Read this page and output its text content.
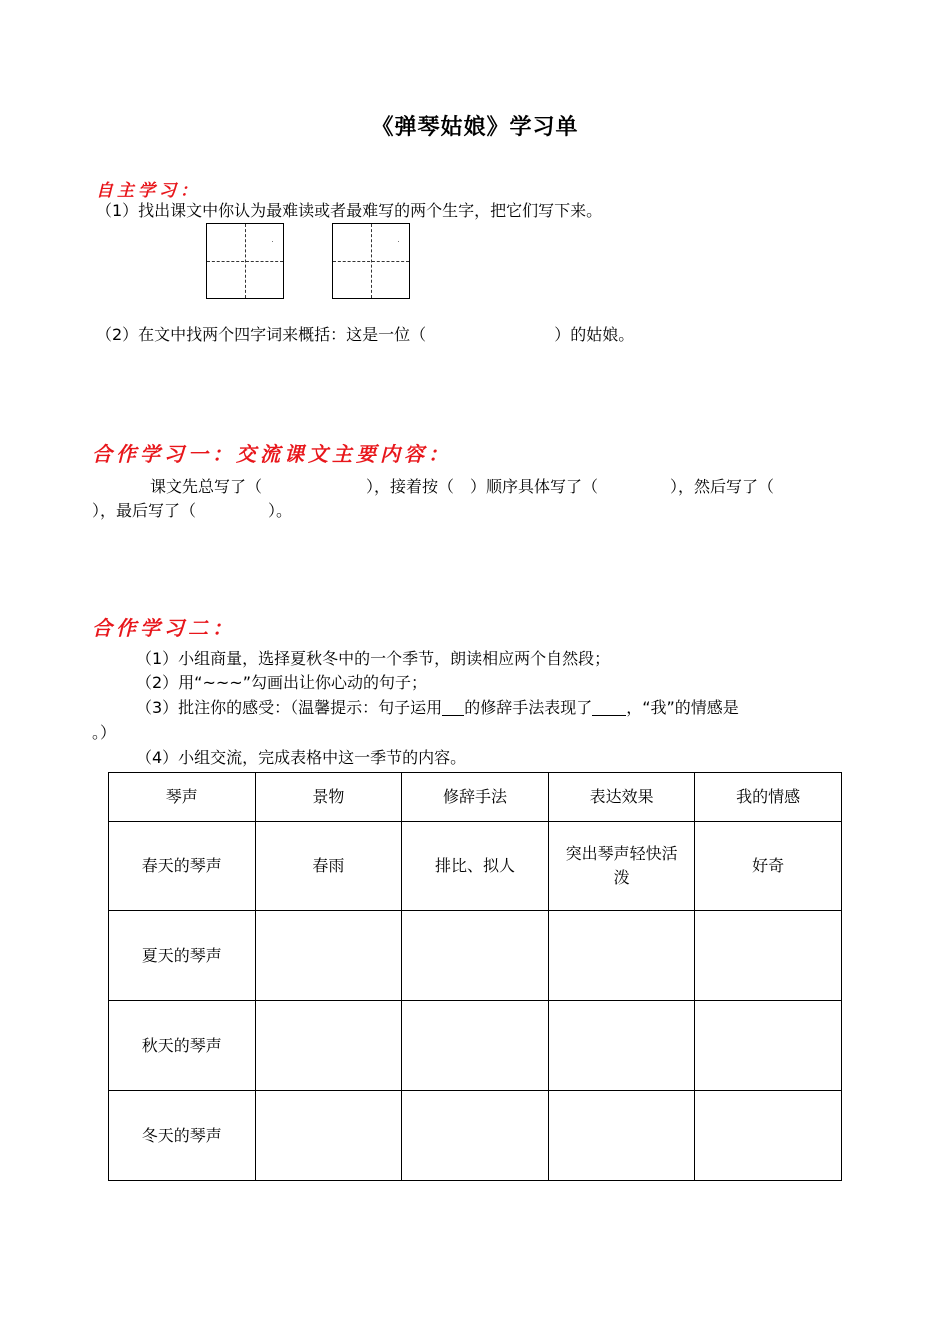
《弹琴姑娘》学习单
自主学习：
（1）找出课文中你认为最难读或者最难写的两个生字，把它们写下来。
（2）在文中找两个四字词来概括：这是一位（	）的姑娘。
合作学习一：交流课文主要内容：
课文先总写了（	），接着按（ ）顺序具体写了（	），然后写了（
），最后写了（	）。
合作学习二：
（1）小组商量，选择夏秋冬中的一个季节，朗读相应两个自然段；
（2）用“~~~”勾画出让你心动的句子；
（3）批注你的感受：（温馨提示：句子运用 的修辞手法表现了 ，“我”的情感是
。）
（4）小组交流，完成表格中这一季节的内容。
琴声	景物	修辞手法	表达效果	我的情感
春天的琴声	春雨	排比、拟人	突出琴声轻快活泼	好奇
夏天的琴声				
秋天的琴声				
冬天的琴声				
